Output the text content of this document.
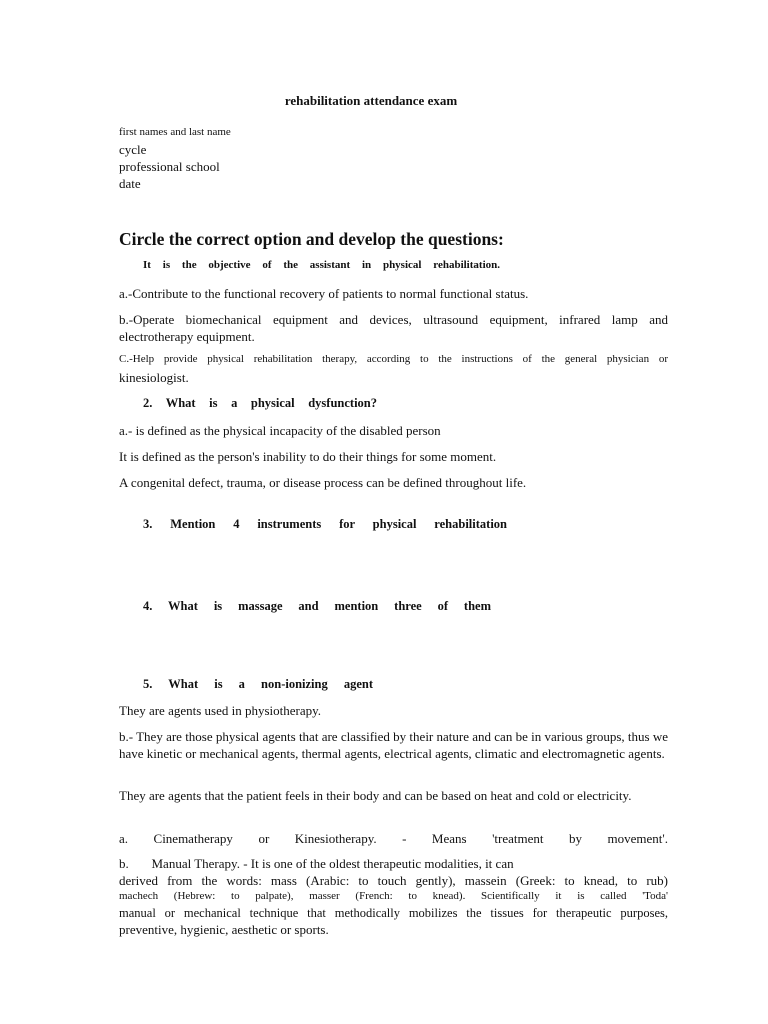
rehabilitation attendance exam

first names and last name

cycle

professional school

date

Circle the correct option and develop the questions:

It is the objective of the assistant in physical rehabilitation.

a.-Contribute to the functional recovery of patients to normal functional status.

b.-Operate biomechanical equipment and devices, ultrasound equipment, infrared lamp and electrotherapy equipment.

C.-Help provide physical rehabilitation therapy, according to the instructions of the general physician or

kinesiologist.

2. What is a physical dysfunction?

a.- is defined as the physical incapacity of the disabled person

It is defined as the person's inability to do their things for some moment.

A congenital defect, trauma, or disease process can be defined throughout life.

3. Mention 4 instruments for physical rehabilitation

4. What is massage and mention three of them

5. What is a non-ionizing agent

They are agents used in physiotherapy.

b.- They are those physical agents that are classified by their nature and can be in various groups, thus we have kinetic or mechanical agents, thermal agents, electrical agents, climatic and electromagnetic agents.

They are agents that the patient feels in their body and can be based on heat and cold or electricity.

a.      Cinematherapy      or      Kinesiotherapy.      -      Means      'treatment      by      movement'.

b.       Manual Therapy. - It is one of the oldest therapeutic modalities, it can

derived from the words: mass (Arabic: to touch gently), massein (Greek: to knead, to rub)

machech (Hebrew: to palpate), masser (French: to knead). Scientifically it is called 'Toda'

manual or mechanical technique that methodically mobilizes the tissues for therapeutic purposes,

preventive, hygienic, aesthetic or sports.
